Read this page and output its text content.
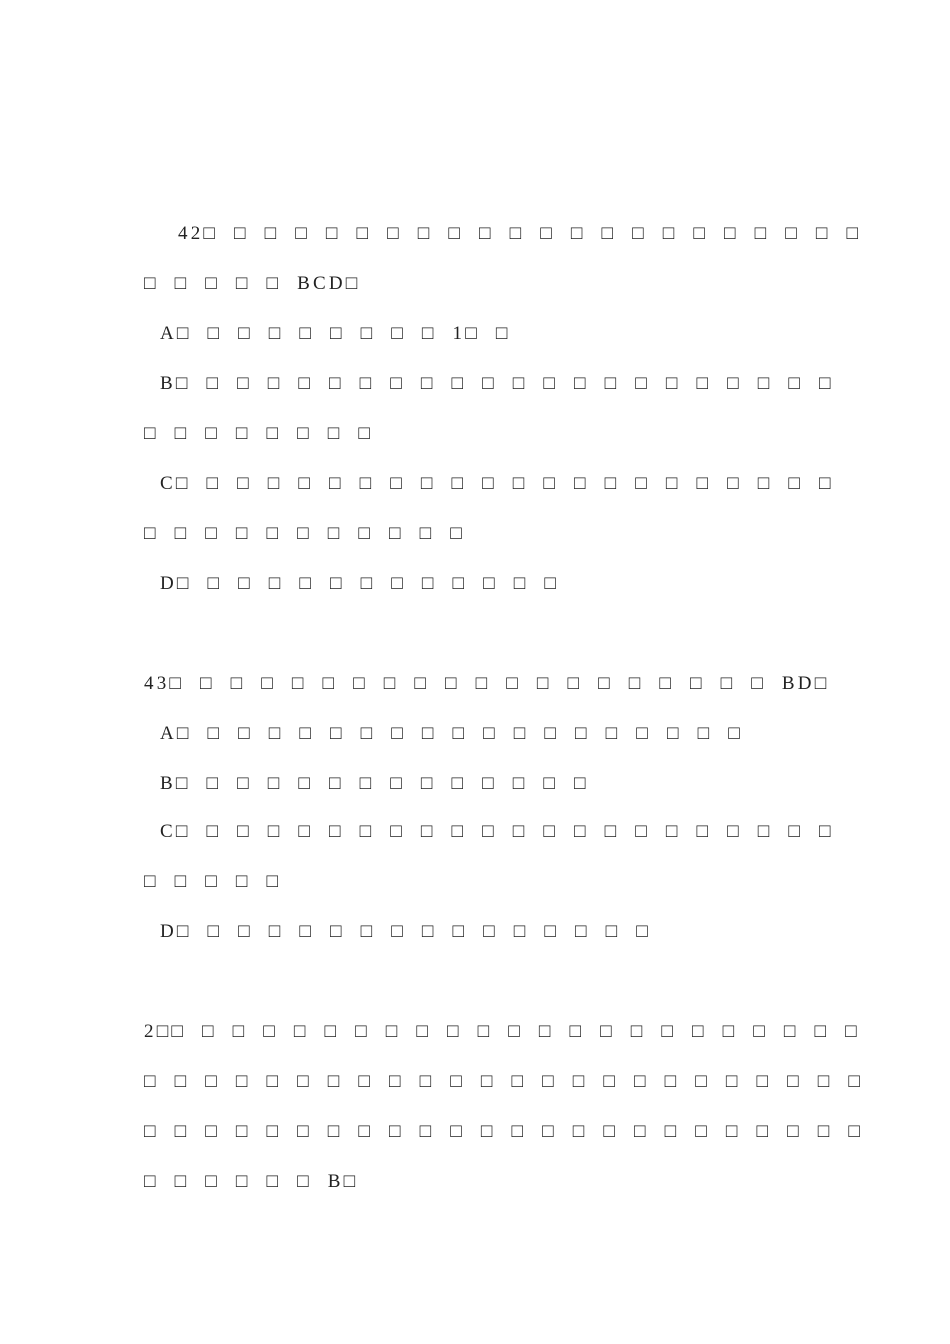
42□ □ □ □ □ □ □ □ □ □ □ □ □ □ □ □ □ □ □ □ □ □
□ □ □ □ □ BCD□
A□ □ □ □ □ □ □ □ □ 1□ □
B□ □ □ □ □ □ □ □ □ □ □ □ □ □ □ □ □ □ □ □ □ □
□ □ □ □ □ □ □ □
C□ □ □ □ □ □ □ □ □ □ □ □ □ □ □ □ □ □ □ □ □ □
□ □ □ □ □ □ □ □ □ □ □
D□ □ □ □ □ □ □ □ □ □ □ □ □
43□ □ □ □ □ □ □ □ □ □ □ □ □ □ □ □ □ □ □ □ BD□
A□ □ □ □ □ □ □ □ □ □ □ □ □ □ □ □ □ □ □
B□ □ □ □ □ □ □ □ □ □ □ □ □ □
C□ □ □ □ □ □ □ □ □ □ □ □ □ □ □ □ □ □ □ □ □ □
□ □ □ □ □
D□ □ □ □ □ □ □ □ □ □ □ □ □ □ □ □
2□□ □ □ □ □ □ □ □ □ □ □ □ □ □ □ □ □ □ □ □ □ □ □
□ □ □ □ □ □ □ □ □ □ □ □ □ □ □ □ □ □ □ □ □ □ □ □
□ □ □ □ □ □ □ □ □ □ □ □ □ □ □ □ □ □ □ □ □ □ □ □
□ □ □ □ □ □ B□
